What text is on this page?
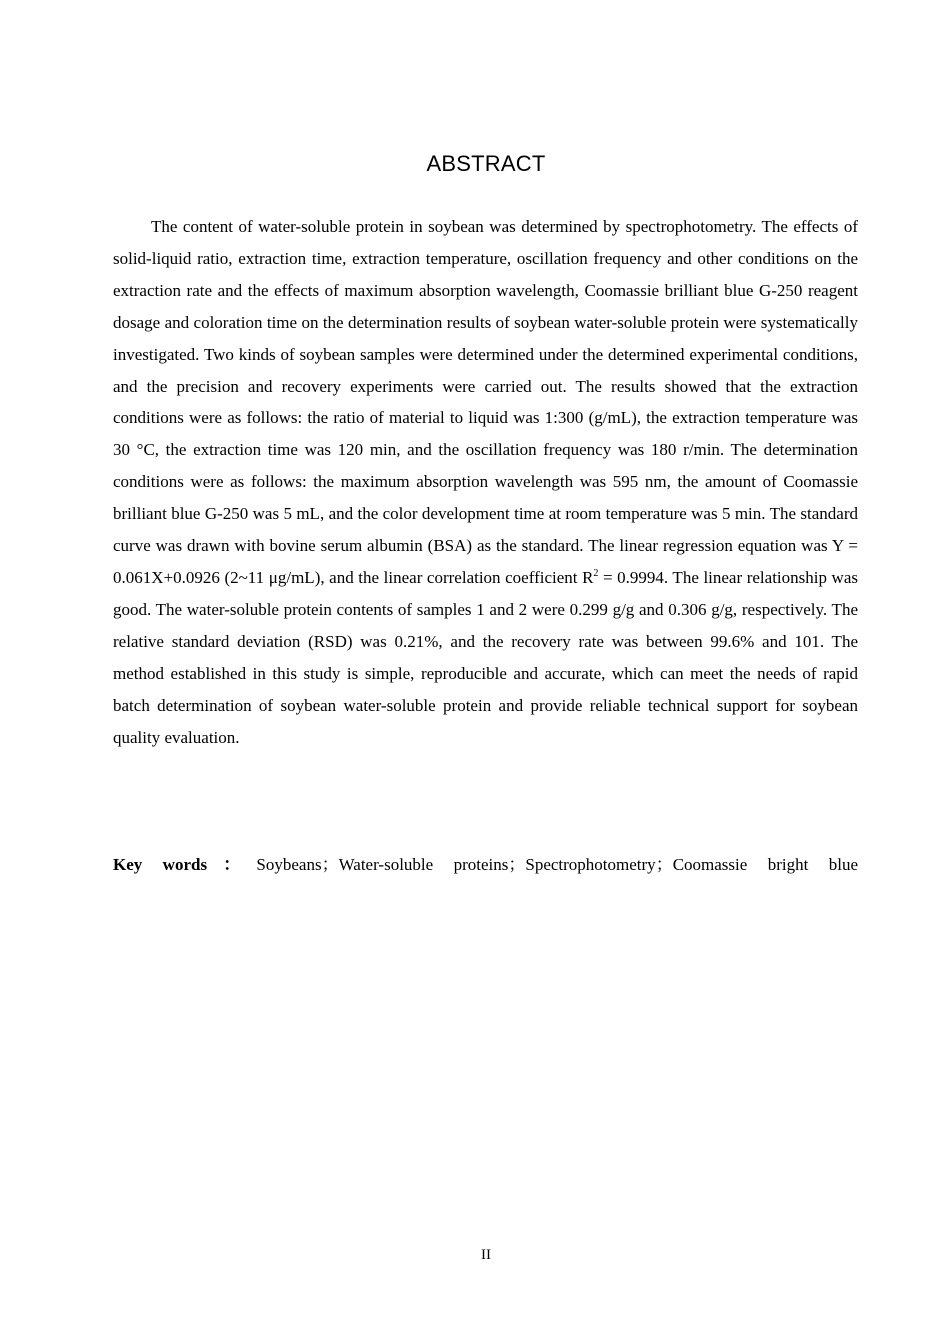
ABSTRACT

The content of water-soluble protein in soybean was determined by spectrophotometry. The effects of solid-liquid ratio, extraction time, extraction temperature, oscillation frequency and other conditions on the extraction rate and the effects of maximum absorption wavelength, Coomassie brilliant blue G-250 reagent dosage and coloration time on the determination results of soybean water-soluble protein were systematically investigated. Two kinds of soybean samples were determined under the determined experimental conditions, and the precision and recovery experiments were carried out. The results showed that the extraction conditions were as follows: the ratio of material to liquid was 1:300 (g/mL), the extraction temperature was 30 °C, the extraction time was 120 min, and the oscillation frequency was 180 r/min. The determination conditions were as follows: the maximum absorption wavelength was 595 nm, the amount of Coomassie brilliant blue G-250 was 5 mL, and the color development time at room temperature was 5 min. The standard curve was drawn with bovine serum albumin (BSA) as the standard. The linear regression equation was Y = 0.061X+0.0926 (2~11 μg/mL), and the linear correlation coefficient $R^2 = 0.9994$. The linear relationship was good. The water-soluble protein contents of samples 1 and 2 were 0.299 g/g and 0.306 g/g, respectively. The relative standard deviation (RSD) was 0.21%, and the recovery rate was between 99.6% and 101. The method established in this study is simple, reproducible and accurate, which can meet the needs of rapid batch determination of soybean water-soluble protein and provide reliable technical support for soybean quality evaluation.

Key words：Soybeans；Water-soluble proteins；Spectrophotometry；Coomassie bright blue

II
